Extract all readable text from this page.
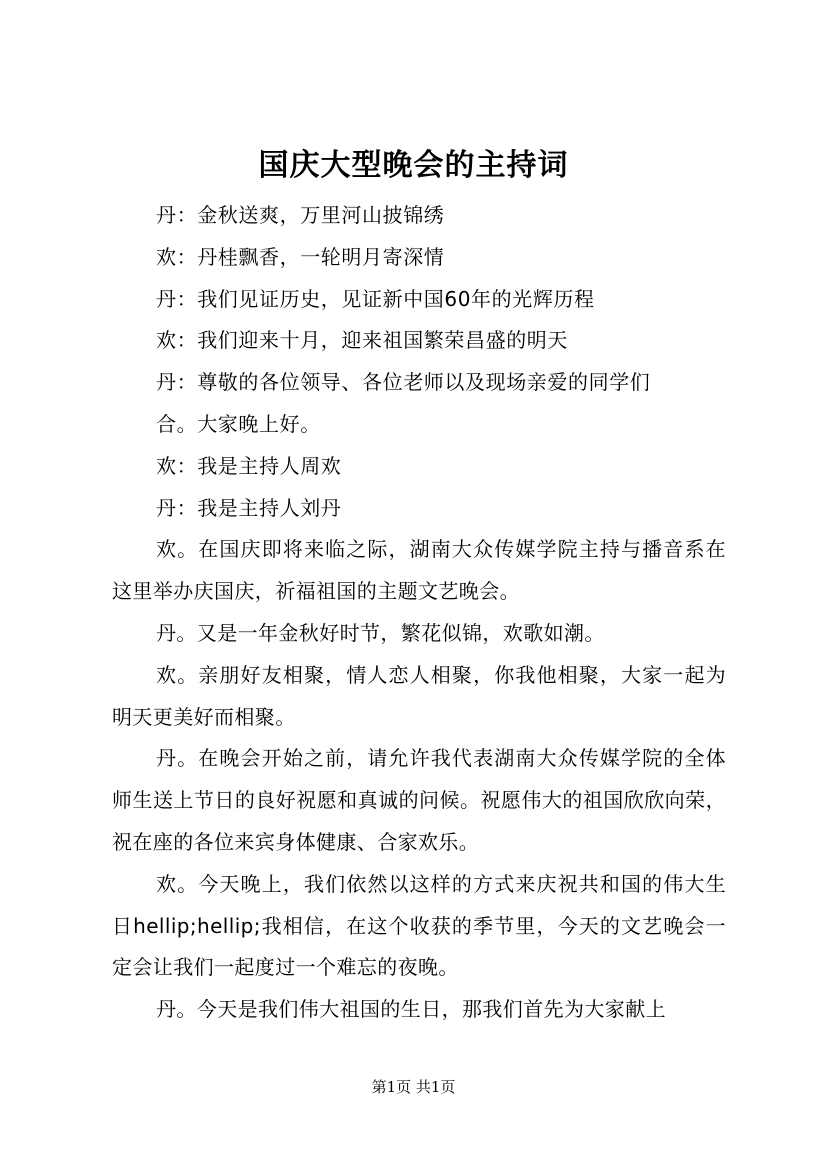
国庆大型晚会的主持词

丹：金秋送爽，万里河山披锦绣

欢：丹桂飘香，一轮明月寄深情

丹：我们见证历史，见证新中国60年的光辉历程

欢：我们迎来十月，迎来祖国繁荣昌盛的明天

丹：尊敬的各位领导、各位老师以及现场亲爱的同学们

合。大家晚上好。

欢：我是主持人周欢

丹：我是主持人刘丹

欢。在国庆即将来临之际，湖南大众传媒学院主持与播音系在这里举办庆国庆，祈福祖国的主题文艺晚会。

丹。又是一年金秋好时节，繁花似锦，欢歌如潮。

欢。亲朋好友相聚，情人恋人相聚，你我他相聚，大家一起为明天更美好而相聚。

丹。在晚会开始之前，请允许我代表湖南大众传媒学院的全体师生送上节日的良好祝愿和真诚的问候。祝愿伟大的祖国欣欣向荣，祝在座的各位来宾身体健康、合家欢乐。

欢。今天晚上，我们依然以这样的方式来庆祝共和国的伟大生日hellip;hellip;我相信，在这个收获的季节里，今天的文艺晚会一定会让我们一起度过一个难忘的夜晚。

丹。今天是我们伟大祖国的生日，那我们首先为大家献上

第1页 共1页
